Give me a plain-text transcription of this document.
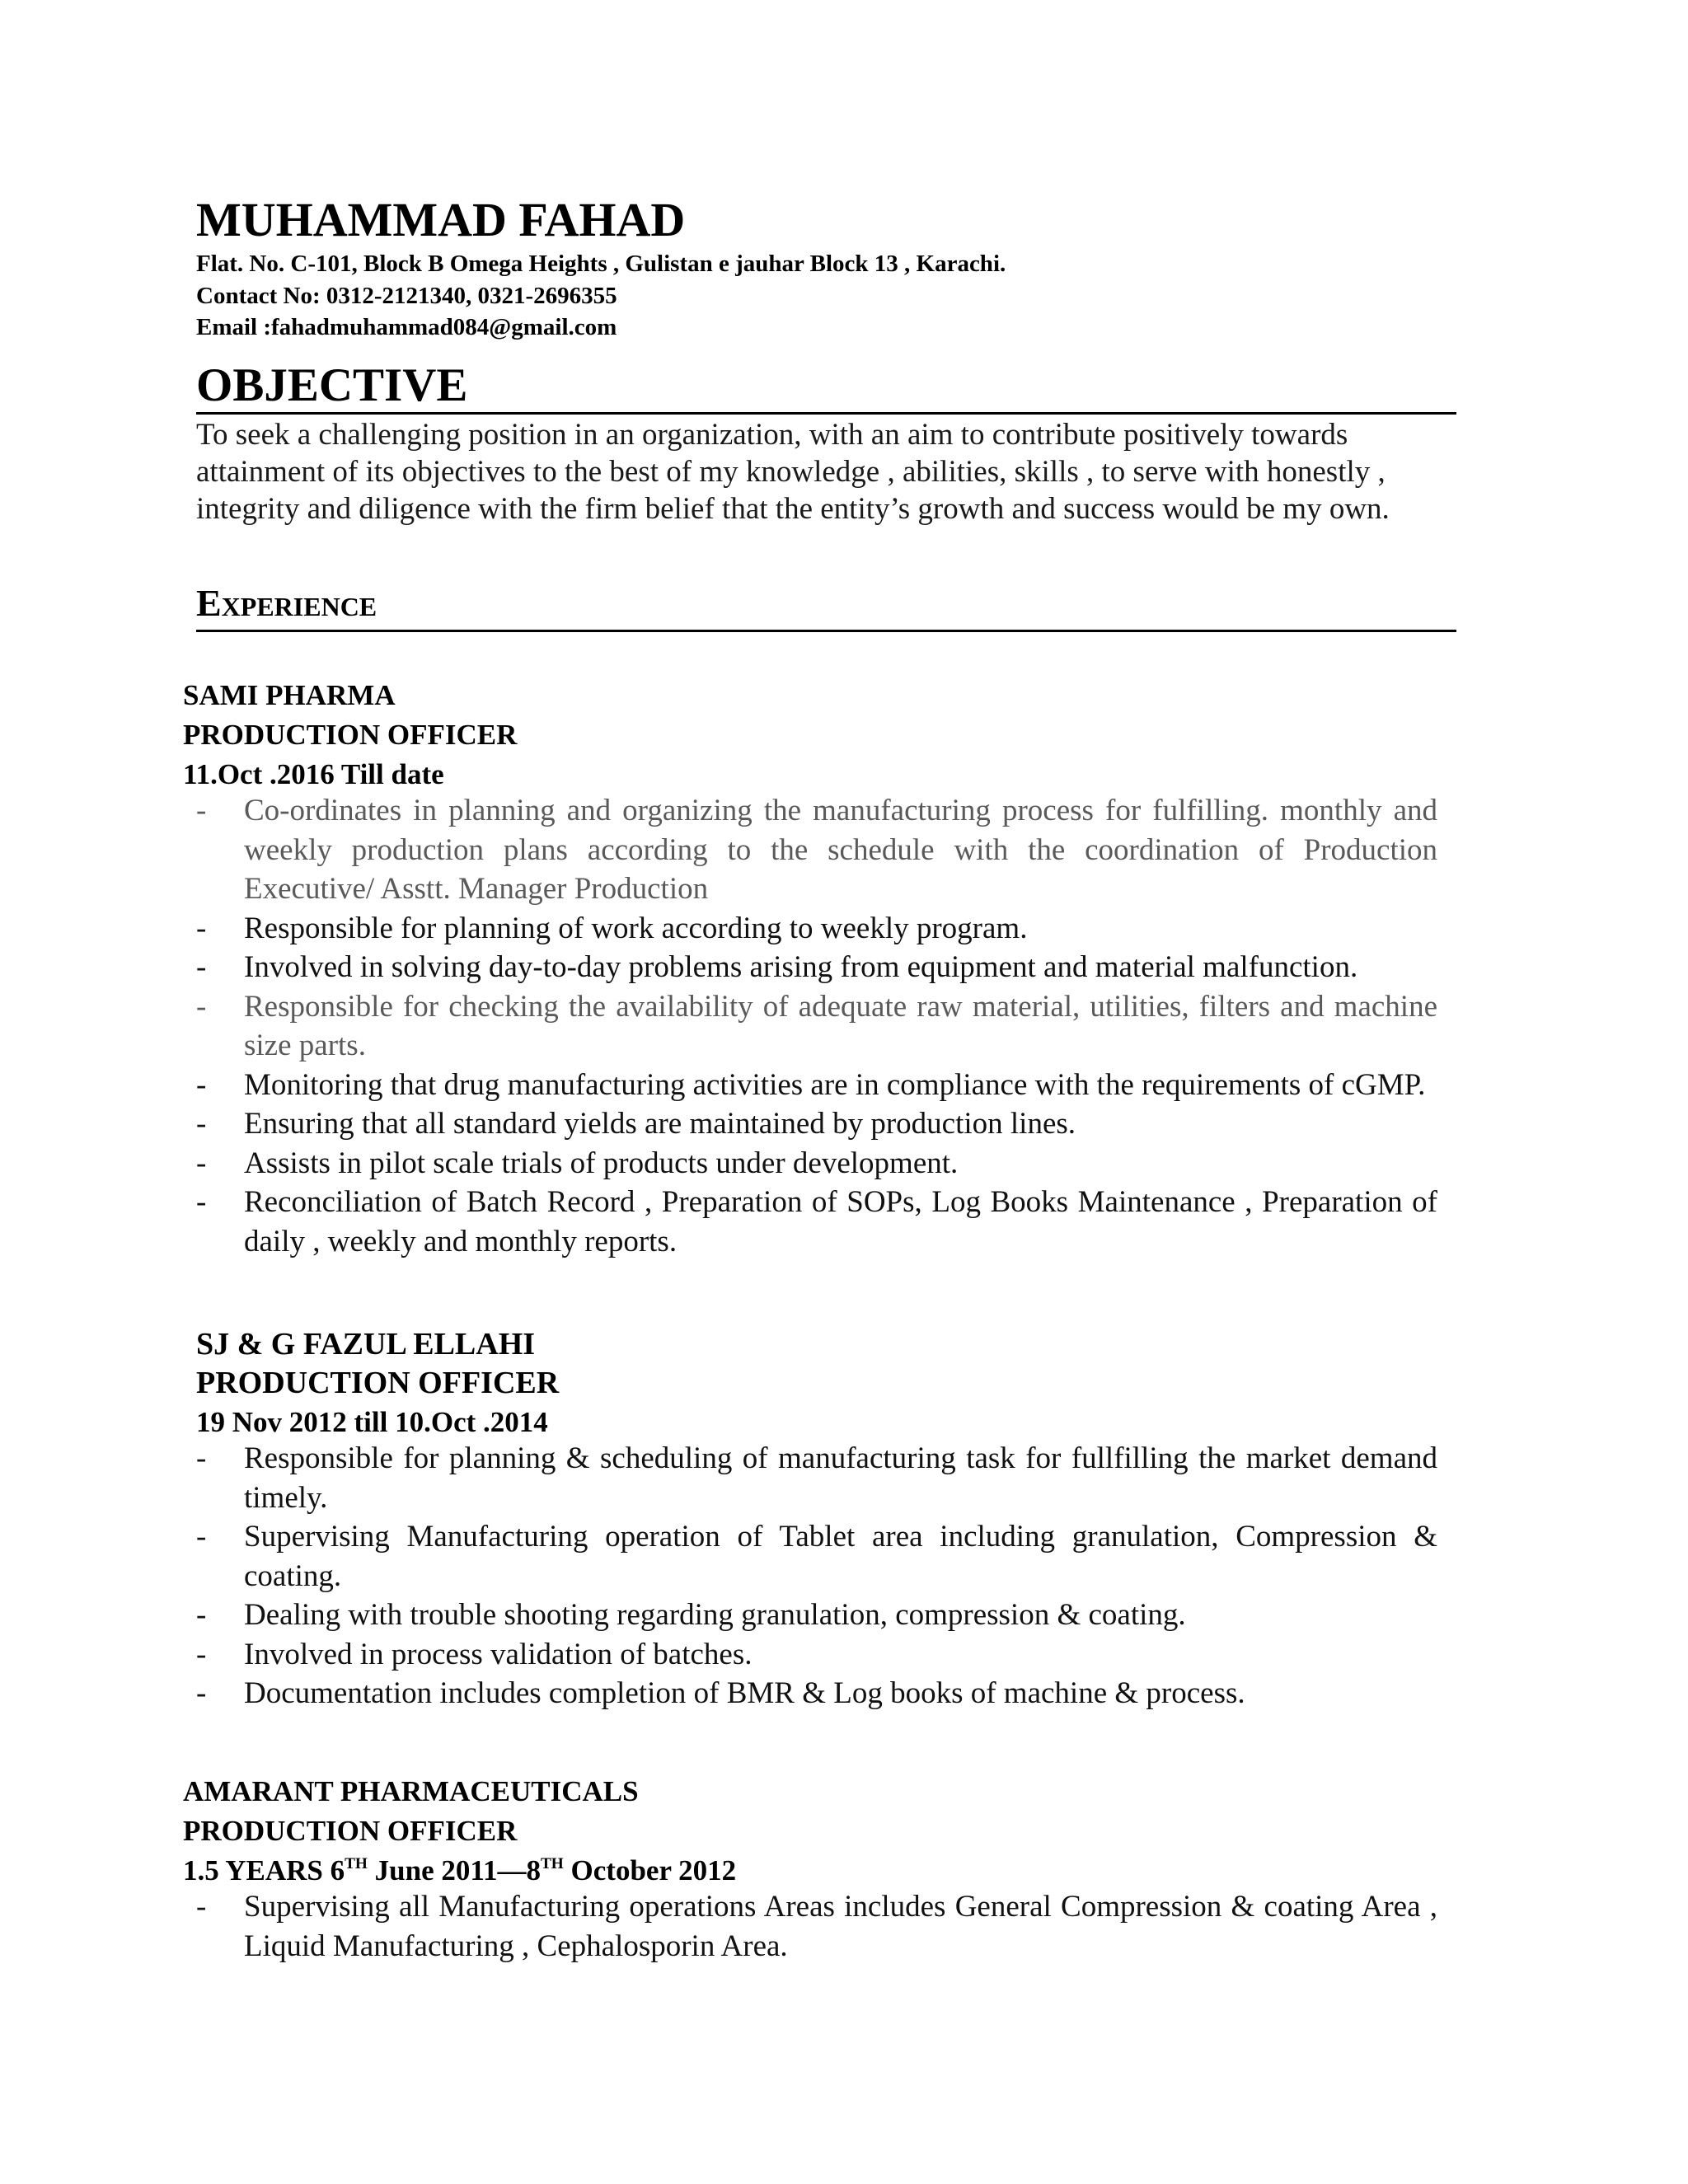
MUHAMMAD FAHAD
Flat. No. C-101, Block B Omega Heights , Gulistan e jauhar Block 13 , Karachi.
Contact No: 0312-2121340, 0321-2696355
Email :fahadmuhammad084@gmail.com
OBJECTIVE

To seek a challenging position in an organization, with an aim to contribute positively towards attainment of its objectives to the best of my knowledge , abilities, skills , to serve with honestly , integrity and diligence with the firm belief that the entity’s growth and success would be my own.

Experience
SAMI PHARMA
PRODUCTION OFFICER
11.Oct .2016 Till date
- Co-ordinates in planning and organizing the manufacturing process for fulfilling. monthly and weekly production plans according to the schedule with the coordination of Production Executive/ Asstt. Manager Production
- Responsible for planning of work according to weekly program.
- Involved in solving day-to-day problems arising from equipment and material malfunction.
- Responsible for checking the availability of adequate raw material, utilities, filters and machine size parts.
- Monitoring that drug manufacturing activities are in compliance with the requirements of cGMP.
- Ensuring that all standard yields are maintained by production lines.
- Assists in pilot scale trials of products under development.
- Reconciliation of Batch Record , Preparation of SOPs, Log Books Maintenance , Preparation of daily , weekly and monthly reports.
SJ & G FAZUL ELLAHI
PRODUCTION OFFICER
19 Nov 2012 till 10.Oct .2014
- Responsible for planning & scheduling of manufacturing task for fullfilling the market demand timely.
- Supervising Manufacturing operation of Tablet area including granulation, Compression & coating.
- Dealing with trouble shooting regarding granulation, compression & coating.
- Involved in process validation of batches.
- Documentation includes completion of BMR & Log books of machine & process.
AMARANT PHARMACEUTICALS
PRODUCTION OFFICER
1.5 YEARS 6TH June 2011—8TH October 2012
- Supervising all Manufacturing operations Areas includes General Compression & coating Area , Liquid Manufacturing , Cephalosporin Area.
